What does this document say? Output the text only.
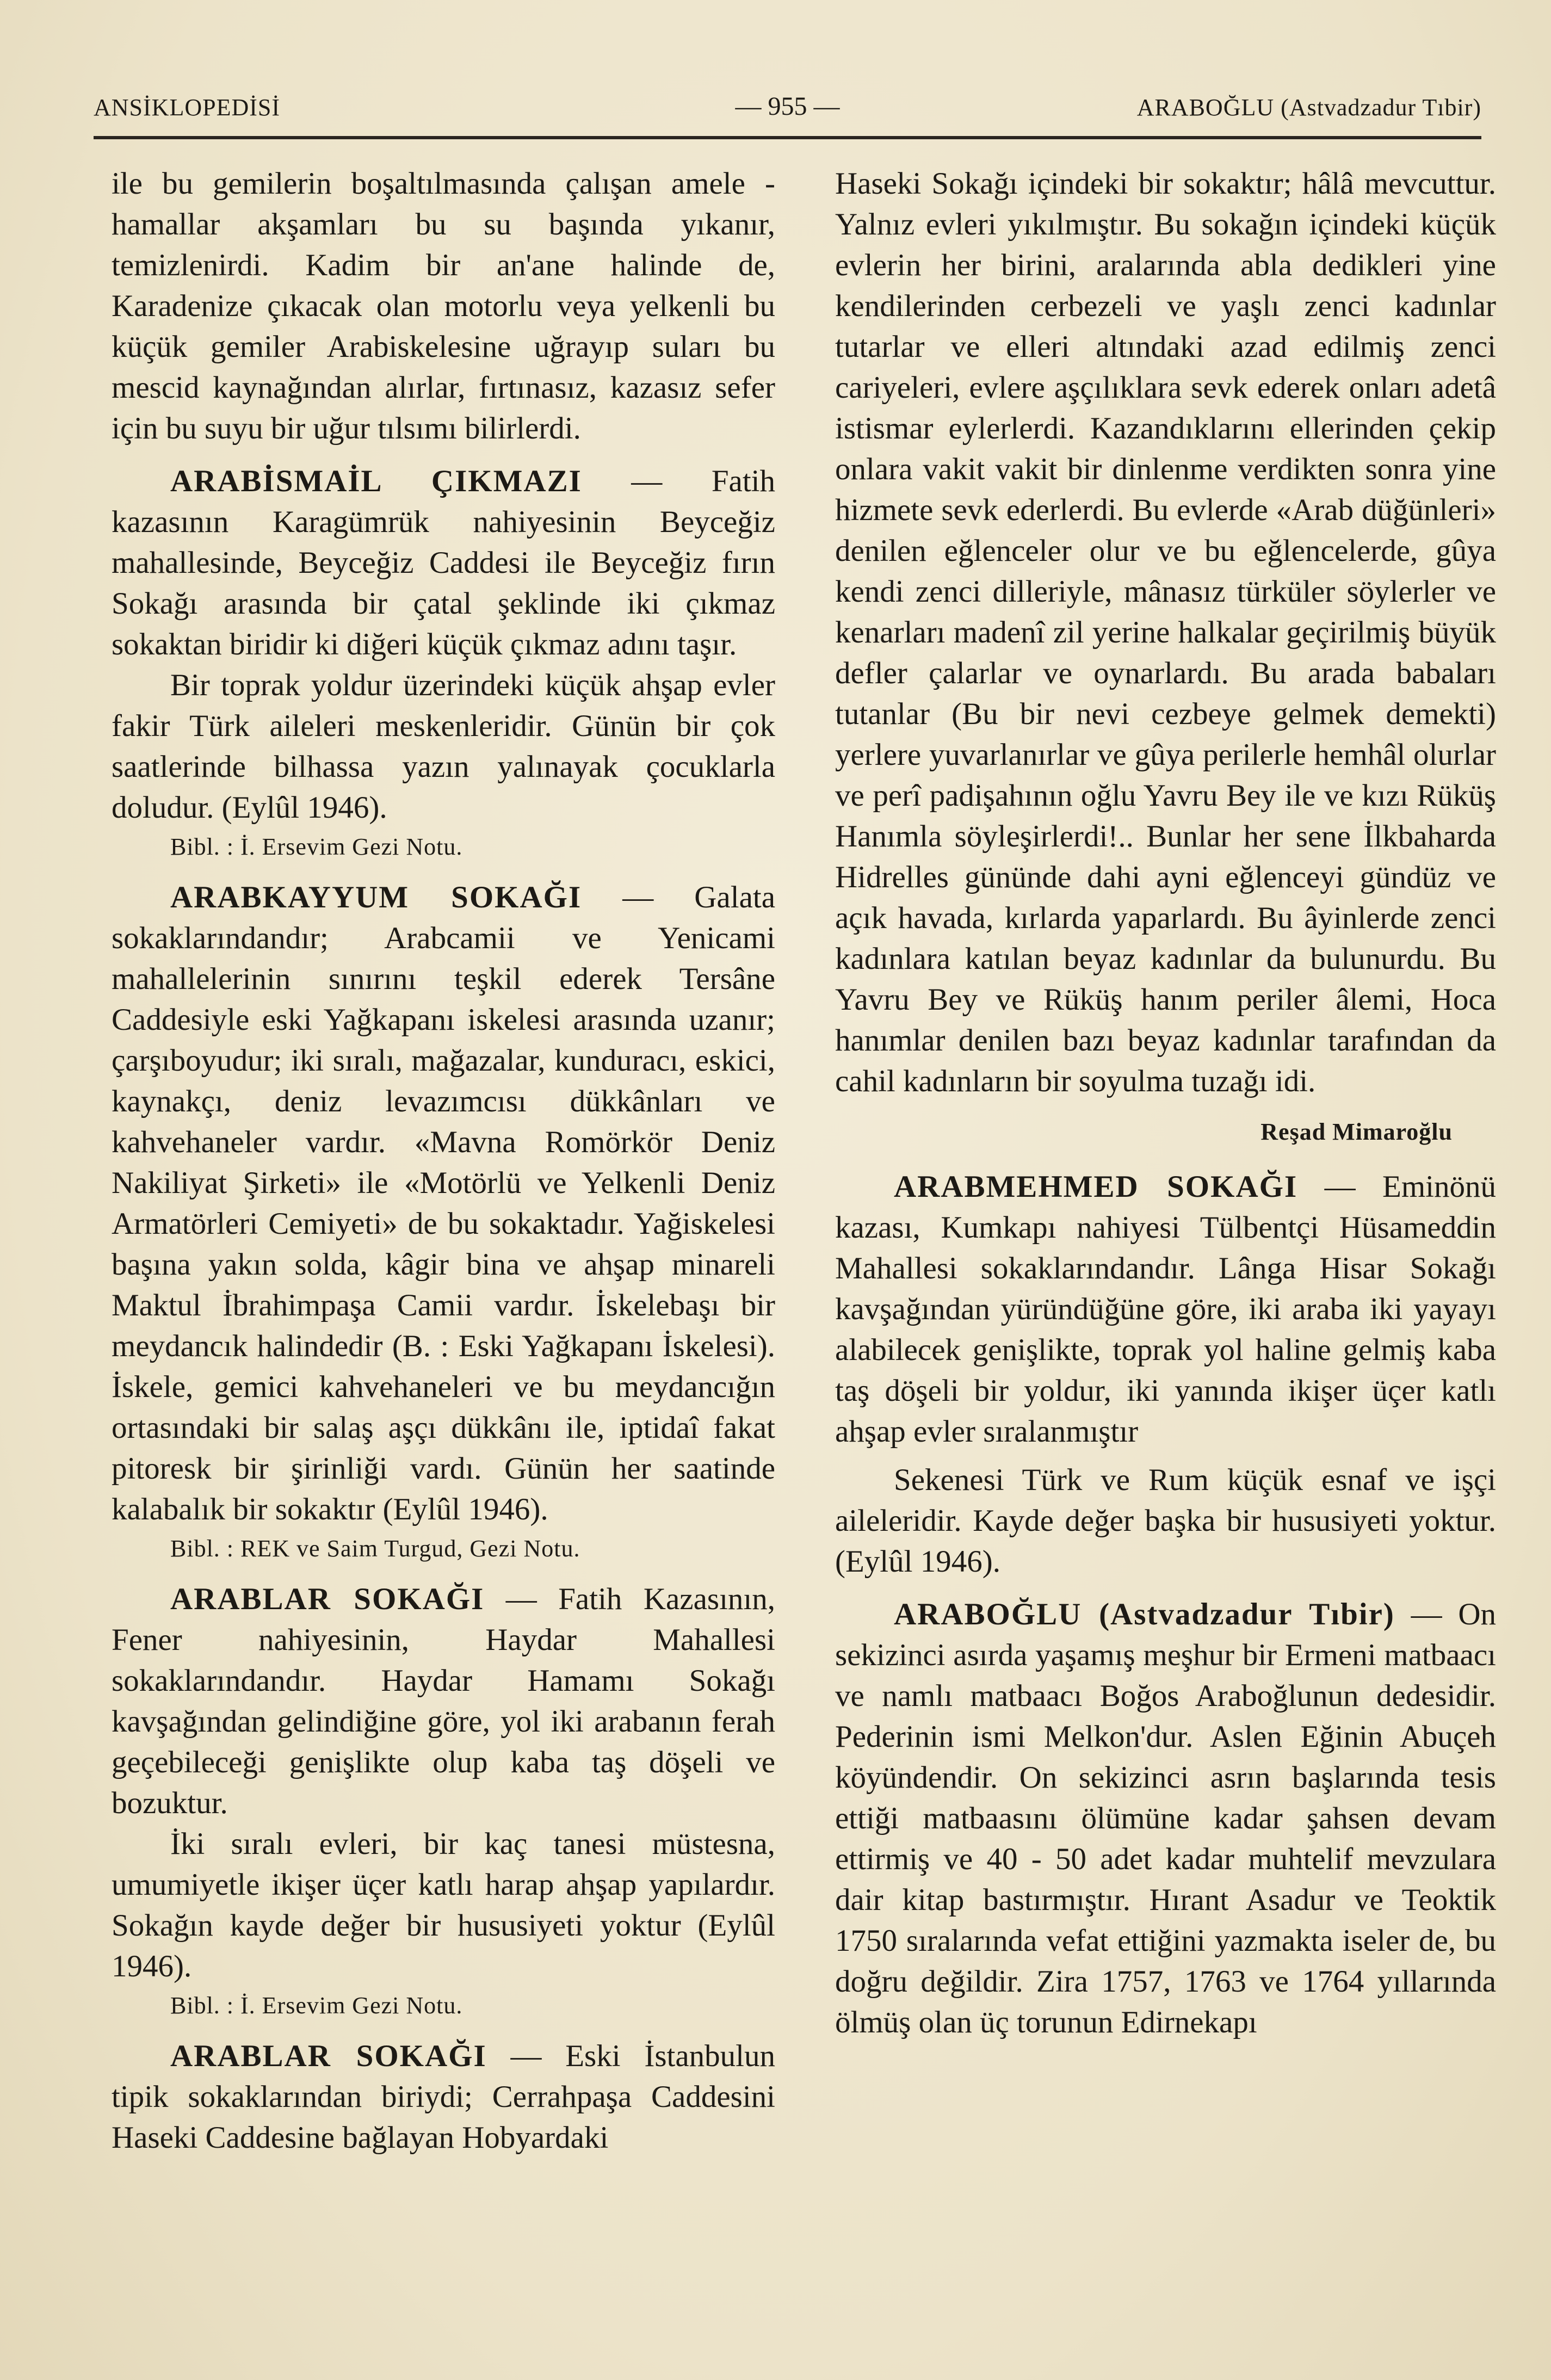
ANSİKLOPEDİSİ	— 955 —	ARABOĞLU (Astvadzadur Tıbir)

ile bu gemilerin boşaltılmasında çalışan amele - hamallar akşamları bu su başında yıkanır, temizlenirdi. Kadim bir an'ane halinde de, Karadenize çıkacak olan motorlu veya yelkenli bu küçük gemiler Arabiskelesine uğrayıp suları bu mescid kaynağından alırlar, fırtınasız, kazasız sefer için bu suyu bir uğur tılsımı bilirlerdi.

ARABİSMAİL ÇIKMAZI — Fatih kazasının Karagümrük nahiyesinin Beyceğiz mahallesinde, Beyceğiz Caddesi ile Beyceğiz fırın Sokağı arasında bir çatal şeklinde iki çıkmaz sokaktan biridir ki diğeri küçük çıkmaz adını taşır.

Bir toprak yoldur üzerindeki küçük ahşap evler fakir Türk aileleri meskenleridir. Günün bir çok saatlerinde bilhassa yazın yalınayak çocuklarla doludur. (Eylûl 1946).

Bibl. : İ. Ersevim Gezi Notu.

ARABKAYYUM SOKAĞI — Galata sokaklarındandır; Arabcamii ve Yenicami mahallelerinin sınırını teşkil ederek Tersâne Caddesiyle eski Yağkapanı iskelesi arasında uzanır; çarşıboyudur; iki sıralı, mağazalar, kunduracı, eskici, kaynakçı, deniz levazımcısı dükkânları ve kahvehaneler vardır. «Mavna Romörkör Deniz Nakiliyat Şirketi» ile «Motörlü ve Yelkenli Deniz Armatörleri Cemiyeti» de bu sokaktadır. Yağiskelesi başına yakın solda, kâgir bina ve ahşap minareli Maktul İbrahimpaşa Camii vardır. İskelebaşı bir meydancık halindedir (B. : Eski Yağkapanı İskelesi). İskele, gemici kahvehaneleri ve bu meydancığın ortasındaki bir salaş aşçı dükkânı ile, iptidaî fakat pitoresk bir şirinliği vardı. Günün her saatinde kalabalık bir sokaktır (Eylûl 1946).

Bibl. : REK ve Saim Turgud, Gezi Notu.

ARABLAR SOKAĞI — Fatih Kazasının, Fener nahiyesinin, Haydar Mahallesi sokaklarındandır. Haydar Hamamı Sokağı kavşağından gelindiğine göre, yol iki arabanın ferah geçebileceği genişlikte olup kaba taş döşeli ve bozuktur.

İki sıralı evleri, bir kaç tanesi müstesna, umumiyetle ikişer üçer katlı harap ahşap yapılardır. Sokağın kayde değer bir hususiyeti yoktur (Eylûl 1946).

Bibl. : İ. Ersevim Gezi Notu.

ARABLAR SOKAĞI — Eski İstanbulun tipik sokaklarından biriydi; Cerrahpaşa Caddesini Haseki Caddesine bağlayan Hobyardaki

Haseki Sokağı içindeki bir sokaktır; hâlâ mevcuttur. Yalnız evleri yıkılmıştır. Bu sokağın içindeki küçük evlerin her birini, aralarında abla dedikleri yine kendilerinden cerbezeli ve yaşlı zenci kadınlar tutarlar ve elleri altındaki azad edilmiş zenci cariyeleri, evlere aşçılıklara sevk ederek onları adetâ istismar eylerlerdi. Kazandıklarını ellerinden çekip onlara vakit vakit bir dinlenme verdikten sonra yine hizmete sevk ederlerdi. Bu evlerde «Arab düğünleri» denilen eğlenceler olur ve bu eğlencelerde, gûya kendi zenci dilleriyle, mânasız türküler söylerler ve kenarları madenî zil yerine halkalar geçirilmiş büyük defler çalarlar ve oynarlardı. Bu arada babaları tutanlar (Bu bir nevi cezbeye gelmek demekti) yerlere yuvarlanırlar ve gûya perilerle hemhâl olurlar ve perî padişahının oğlu Yavru Bey ile ve kızı Rüküş Hanımla söyleşirlerdi!.. Bunlar her sene İlkbaharda Hidrelles gününde dahi ayni eğlenceyi gündüz ve açık havada, kırlarda yaparlardı. Bu âyinlerde zenci kadınlara katılan beyaz kadınlar da bulunurdu. Bu Yavru Bey ve Rüküş hanım periler âlemi, Hoca hanımlar denilen bazı beyaz kadınlar tarafından da cahil kadınların bir soyulma tuzağı idi.

Reşad Mimaroğlu

ARABMEHMED SOKAĞI — Eminönü kazası, Kumkapı nahiyesi Tülbentçi Hüsameddin Mahallesi sokaklarındandır. Lânga Hisar Sokağı kavşağından yüründüğüne göre, iki araba iki yayayı alabilecek genişlikte, toprak yol haline gelmiş kaba taş döşeli bir yoldur, iki yanında ikişer üçer katlı ahşap evler sıralanmıştır

Sekenesi Türk ve Rum küçük esnaf ve işçi aileleridir. Kayde değer başka bir hususiyeti yoktur. (Eylûl 1946).

ARABOĞLU (Astvadzadur Tıbir) — On sekizinci asırda yaşamış meşhur bir Ermeni matbaacı ve namlı matbaacı Boğos Araboğlunun dedesidir. Pederinin ismi Melkon'dur. Aslen Eğinin Abuçeh köyündendir. On sekizinci asrın başlarında tesis ettiği matbaasını ölümüne kadar şahsen devam ettirmiş ve 40 - 50 adet kadar muhtelif mevzulara dair kitap bastırmıştır. Hırant Asadur ve Teoktik 1750 sıralarında vefat ettiğini yazmakta iseler de, bu doğru değildir. Zira 1757, 1763 ve 1764 yıllarında ölmüş olan üç torunun Edirnekapı
